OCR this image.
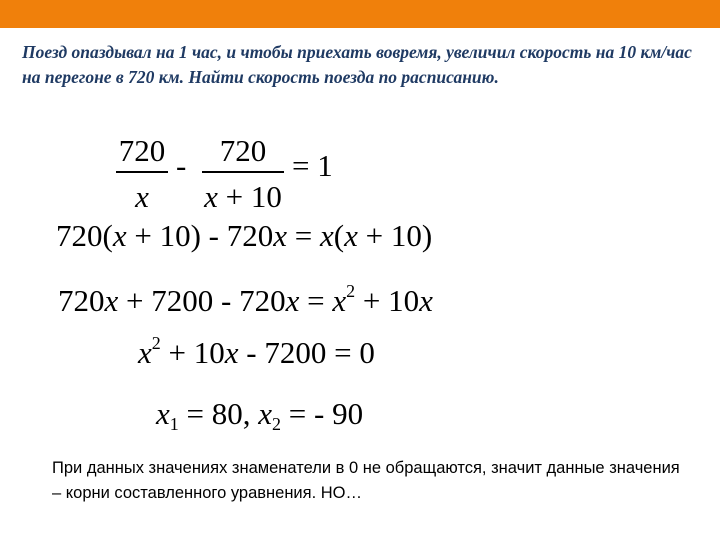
Поезд опаздывал на 1 час, и чтобы приехать вовремя, увеличил скорость на 10 км/час на перегоне в 720 км. Найти скорость поезда по расписанию.

720
x
-	720
x + 10
= 1
720(x + 10) - 720x = x(x + 10)
$720x + 7200 - 720x = x^2 + 10x$
$x^2 + 10x - 7200 = 0$
$x_1 = 80$, $x_2$ = - 90

При данных значениях знаменатели в 0 не обращаются, значит данные значения – корни составленного уравнения. НО…
